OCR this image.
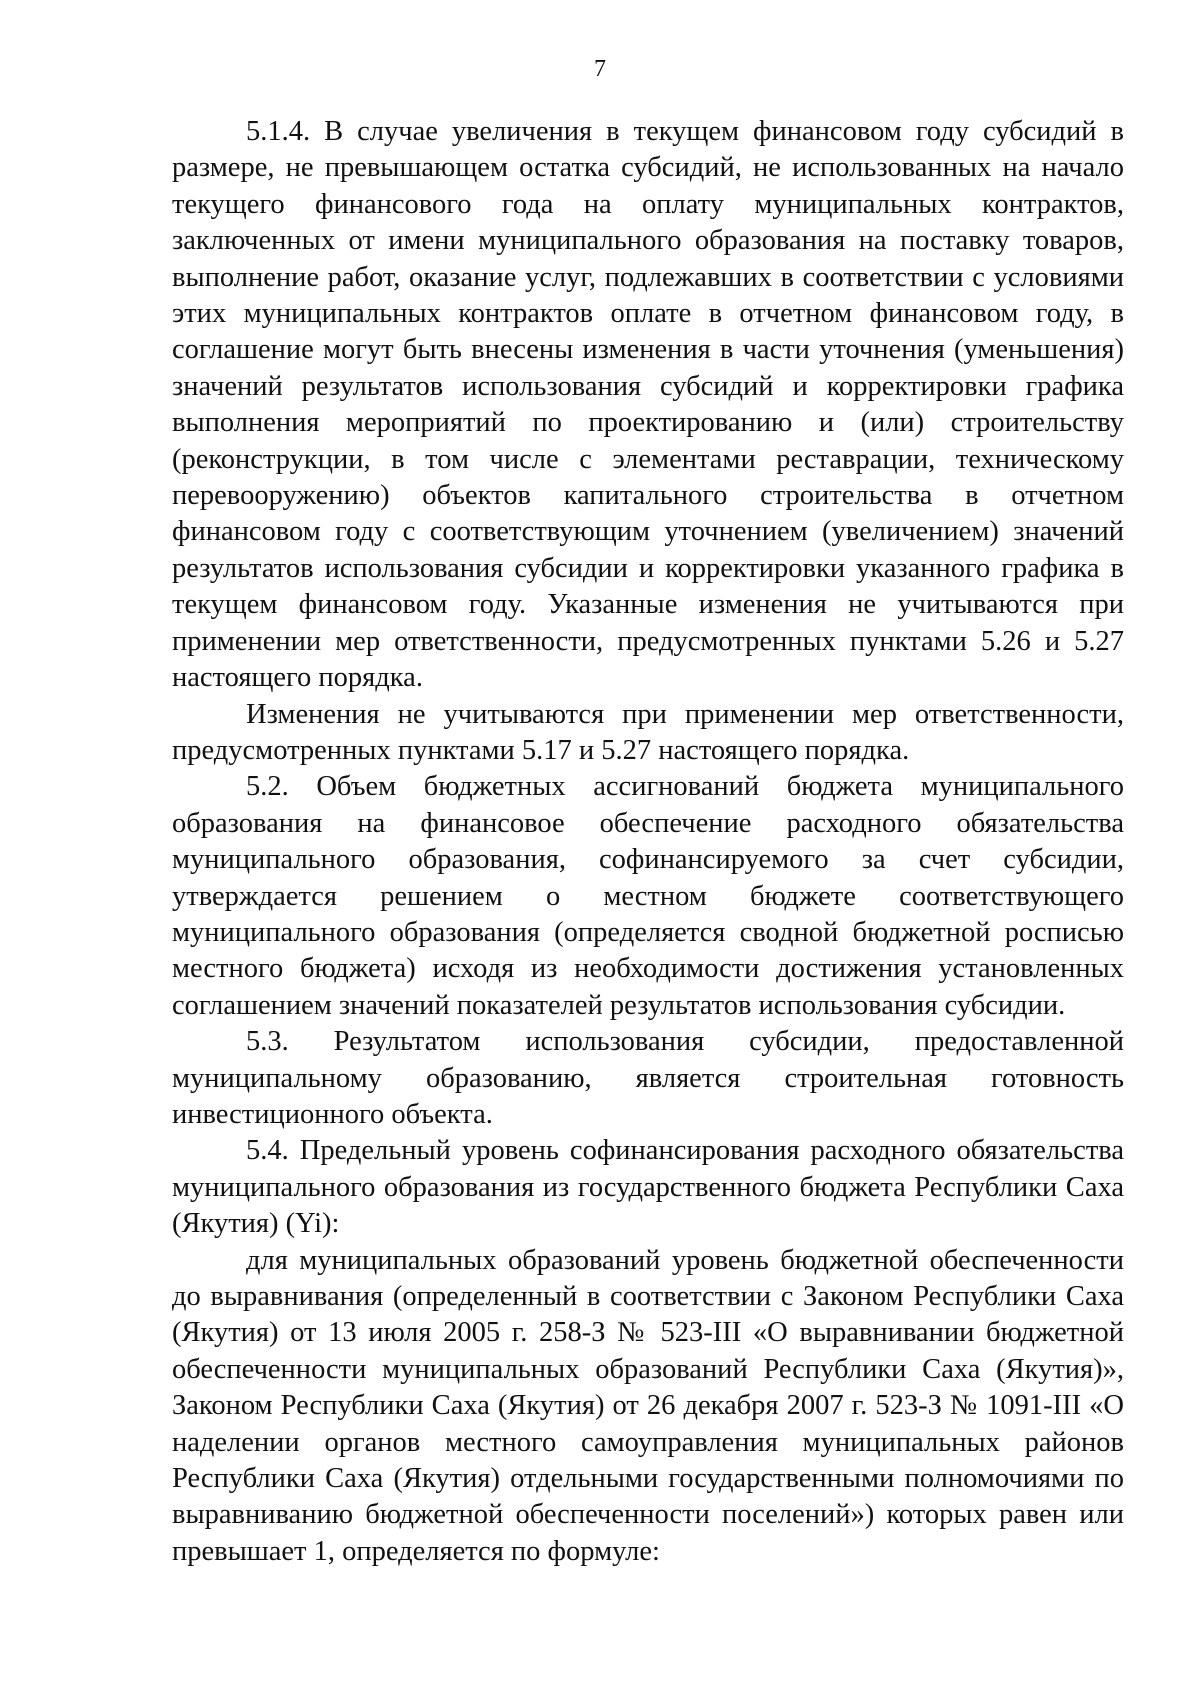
7

5.1.4. В случае увеличения в текущем финансовом году субсидий в размере, не превышающем остатка субсидий, не использованных на начало текущего финансового года на оплату муниципальных контрактов, заключенных от имени муниципального образования на поставку товаров, выполнение работ, оказание услуг, подлежавших в соответствии с условиями этих муниципальных контрактов оплате в отчетном финансовом году, в соглашение могут быть внесены изменения в части уточнения (уменьшения) значений результатов использования субсидий и корректировки графика выполнения мероприятий по проектированию и (или) строительству (реконструкции, в том числе с элементами реставрации, техническому перевооружению) объектов капитального строительства в отчетном финансовом году с соответствующим уточнением (увеличением) значений результатов использования субсидии и корректировки указанного графика в текущем финансовом году. Указанные изменения не учитываются при применении мер ответственности, предусмотренных пунктами 5.26 и 5.27 настоящего порядка.

Изменения не учитываются при применении мер ответственности, предусмотренных пунктами 5.17 и 5.27 настоящего порядка.

5.2. Объем бюджетных ассигнований бюджета муниципального образования на финансовое обеспечение расходного обязательства муниципального образования, софинансируемого за счет субсидии, утверждается решением о местном бюджете соответствующего муниципального образования (определяется сводной бюджетной росписью местного бюджета) исходя из необходимости достижения установленных соглашением значений показателей результатов использования субсидии.

5.3. Результатом использования субсидии, предоставленной муниципальному образованию, является строительная готовность инвестиционного объекта.

5.4. Предельный уровень софинансирования расходного обязательства муниципального образования из государственного бюджета Республики Саха (Якутия) (Yi):

для муниципальных образований уровень бюджетной обеспеченности до выравнивания (определенный в соответствии с Законом Республики Саха (Якутия) от 13 июля 2005 г. 258-З № 523-III «О выравнивании бюджетной обеспеченности муниципальных образований Республики Саха (Якутия)», Законом Республики Саха (Якутия) от 26 декабря 2007 г. 523-З № 1091-III «О наделении органов местного самоуправления муниципальных районов Республики Саха (Якутия) отдельными государственными полномочиями по выравниванию бюджетной обеспеченности поселений») которых равен или превышает 1, определяется по формуле:
